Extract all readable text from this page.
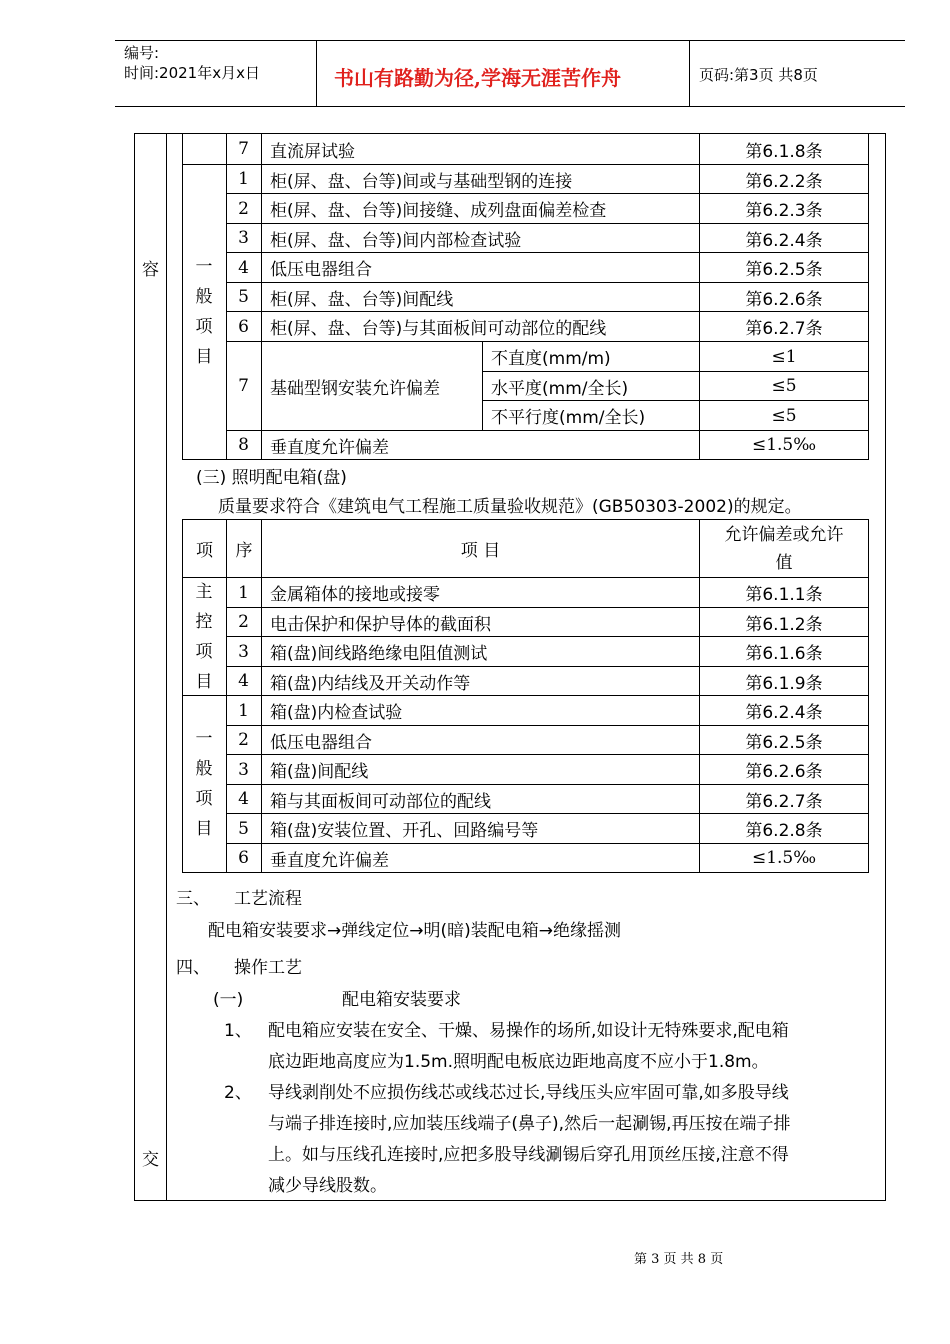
编号:
时间:2021年x月x日	书山有路勤为径,学海无涯苦作舟	页码:第3页 共8页
容
交
7	直流屏试验	第6.1.8条
一
般
项
目
1	柜(屏、盘、台等)间或与基础型钢的连接	第6.2.2条
2	柜(屏、盘、台等)间接缝、成列盘面偏差检查	第6.2.3条
3	柜(屏、盘、台等)间内部检查试验	第6.2.4条
4	低压电器组合	第6.2.5条
5	柜(屏、盘、台等)间配线	第6.2.6条
6	柜(屏、盘、台等)与其面板间可动部位的配线	第6.2.7条
7	基础型钢安装允许偏差
不直度(mm/m)	≤1
水平度(mm/全长)	≤5
不平行度(mm/全长)	≤5
8	垂直度允许偏差	≤1.5‰
(三) 照明配电箱(盘)
质量要求符合《建筑电气工程施工质量验收规范》(GB50303-2002)的规定。
项	序	项 目
允许偏差或允许
值
主
控
项
目
1	金属箱体的接地或接零	第6.1.1条
2	电击保护和保护导体的截面积	第6.1.2条
3	箱(盘)间线路绝缘电阻值测试	第6.1.6条
4	箱(盘)内结线及开关动作等	第6.1.9条
一
般
项
目
1	箱(盘)内检查试验	第6.2.4条
2	低压电器组合	第6.2.5条
3	箱(盘)间配线	第6.2.6条
4	箱与其面板间可动部位的配线	第6.2.7条
5	箱(盘)安装位置、开孔、回路编号等	第6.2.8条
6	垂直度允许偏差	≤1.5‰
三、 工艺流程
配电箱安装要求→弹线定位→明(暗)装配电箱→绝缘摇测
四、 操作工艺
(一)	配电箱安装要求
1、 配电箱应安装在安全、干燥、易操作的场所,如设计无特殊要求,配电箱
底边距地高度应为1.5m.照明配电板底边距地高度不应小于1.8m。
2、 导线剥削处不应损伤线芯或线芯过长,导线压头应牢固可靠,如多股导线
与端子排连接时,应加装压线端子(鼻子),然后一起涮锡,再压按在端子排
上。如与压线孔连接时,应把多股导线涮锡后穿孔用顶丝压接,注意不得
减少导线股数。
第 3 页 共 8 页
